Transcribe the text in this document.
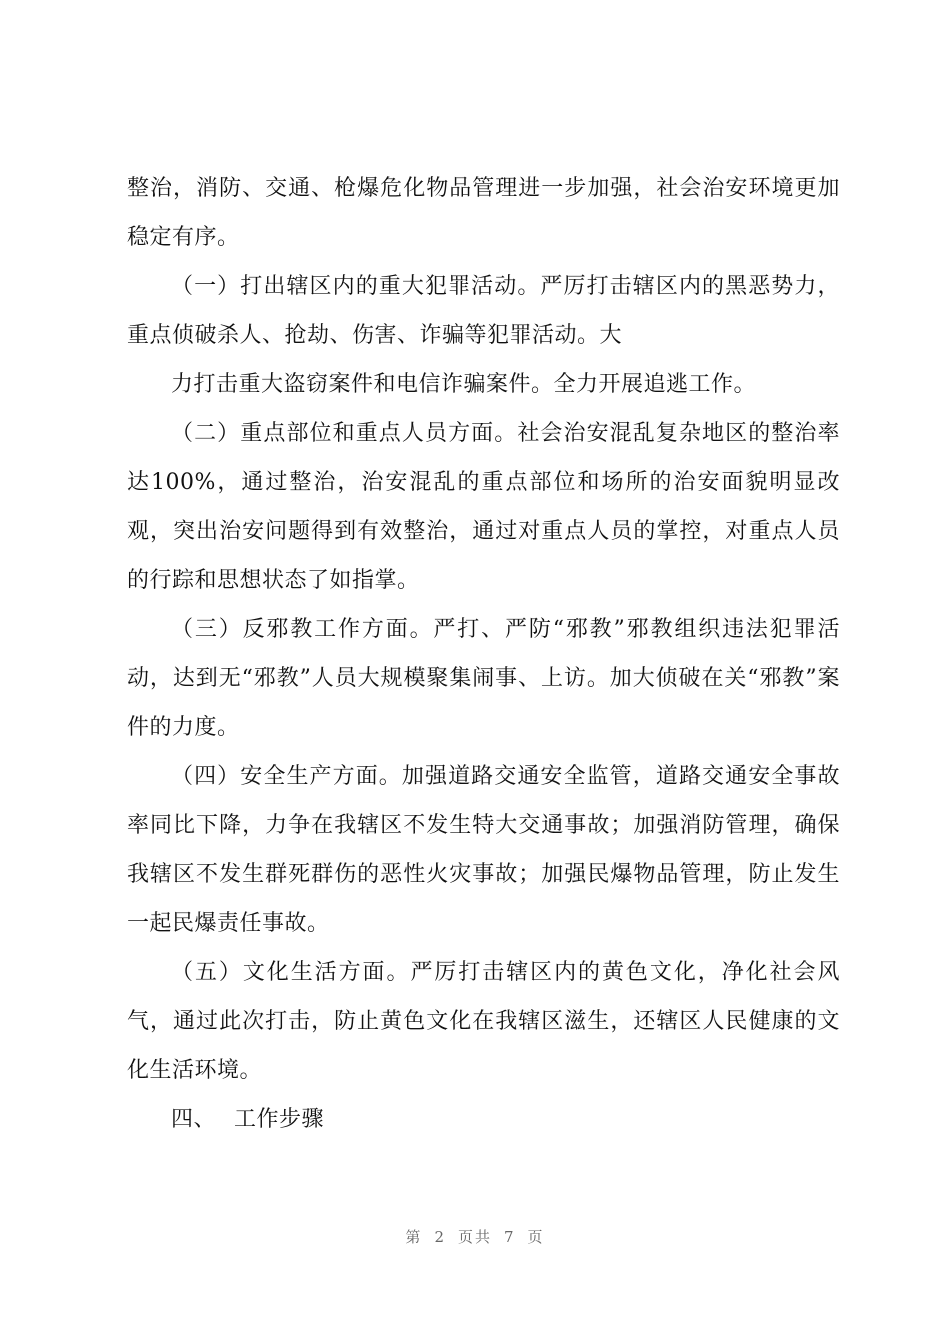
整治，消防、交通、枪爆危化物品管理进一步加强，社会治安环境更加稳定有序。

（一）打出辖区内的重大犯罪活动。严厉打击辖区内的黑恶势力，重点侦破杀人、抢劫、伤害、诈骗等犯罪活动。大

力打击重大盗窃案件和电信诈骗案件。全力开展追逃工作。

（二）重点部位和重点人员方面。社会治安混乱复杂地区的整治率达100%，通过整治，治安混乱的重点部位和场所的治安面貌明显改观，突出治安问题得到有效整治，通过对重点人员的掌控，对重点人员的行踪和思想状态了如指掌。

（三）反邪教工作方面。严打、严防“邪教”邪教组织违法犯罪活动，达到无“邪教”人员大规模聚集闹事、上访。加大侦破在关“邪教”案件的力度。

（四）安全生产方面。加强道路交通安全监管，道路交通安全事故率同比下降，力争在我辖区不发生特大交通事故；加强消防管理，确保我辖区不发生群死群伤的恶性火灾事故；加强民爆物品管理，防止发生一起民爆责任事故。

（五）文化生活方面。严厉打击辖区内的黄色文化，净化社会风气，通过此次打击，防止黄色文化在我辖区滋生，还辖区人民健康的文化生活环境。

四、 工作步骤

第 2 页共 7 页
